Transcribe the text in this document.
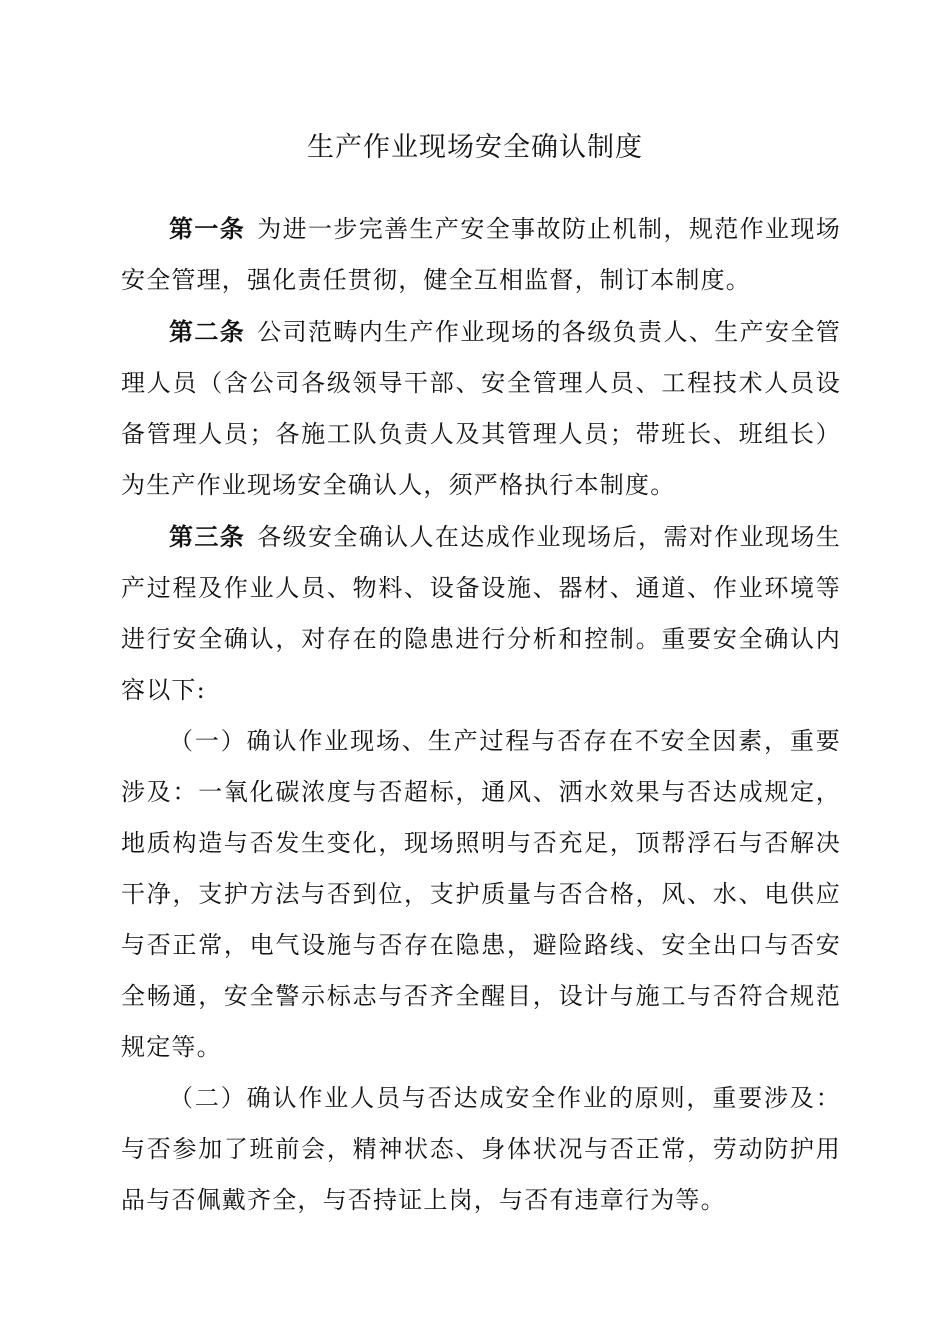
生产作业现场安全确认制度

第一条 为进一步完善生产安全事故防止机制，规范作业现场安全管理，强化责任贯彻，健全互相监督，制订本制度。

第二条 公司范畴内生产作业现场的各级负责人、生产安全管理人员（含公司各级领导干部、安全管理人员、工程技术人员设备管理人员；各施工队负责人及其管理人员；带班长、班组长）为生产作业现场安全确认人，须严格执行本制度。

第三条 各级安全确认人在达成作业现场后，需对作业现场生产过程及作业人员、物料、设备设施、器材、通道、作业环境等进行安全确认，对存在的隐患进行分析和控制。重要安全确认内容以下:

（一）确认作业现场、生产过程与否存在不安全因素，重要涉及：一氧化碳浓度与否超标，通风、洒水效果与否达成规定，地质构造与否发生变化，现场照明与否充足，顶帮浮石与否解决干净，支护方法与否到位，支护质量与否合格，风、水、电供应与否正常，电气设施与否存在隐患，避险路线、安全出口与否安全畅通，安全警示标志与否齐全醒目，设计与施工与否符合规范规定等。

（二）确认作业人员与否达成安全作业的原则，重要涉及：与否参加了班前会，精神状态、身体状况与否正常，劳动防护用品与否佩戴齐全，与否持证上岗，与否有违章行为等。
